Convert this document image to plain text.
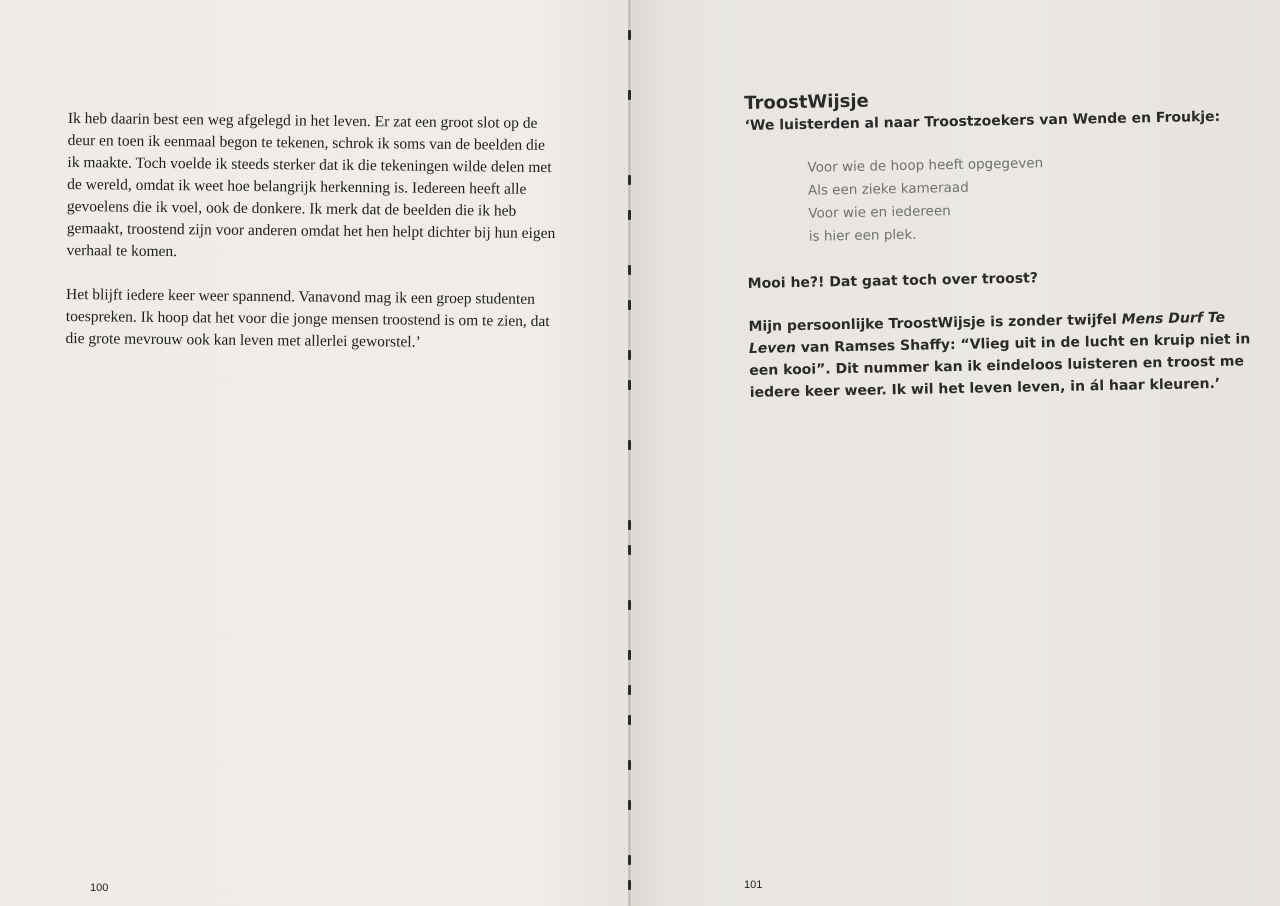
Ik heb daarin best een weg afgelegd in het leven. Er zat een groot slot op de deur en toen ik eenmaal begon te tekenen, schrok ik soms van de beelden die ik maakte. Toch voelde ik steeds sterker dat ik die tekeningen wilde delen met de wereld, omdat ik weet hoe belangrijk herkenning is. Iedereen heeft alle gevoelens die ik voel, ook de donkere. Ik merk dat de beelden die ik heb gemaakt, troostend zijn voor anderen omdat het hen helpt dichter bij hun eigen verhaal te komen.

Het blijft iedere keer weer spannend. Vanavond mag ik een groep studenten toespreken. Ik hoop dat het voor die jonge mensen troostend is om te zien, dat die grote mevrouw ook kan leven met allerlei geworstel.’

100
TroostWijsje
‘We luisterden al naar Troostzoekers van Wende en Froukje:
Voor wie de hoop heeft opgegeven
Als een zieke kameraad
Voor wie en iedereen
is hier een plek.
Mooi he?! Dat gaat toch over troost?
Mijn persoonlijke TroostWijsje is zonder twijfel Mens Durf Te Leven van Ramses Shaffy: “Vlieg uit in de lucht en kruip niet in een kooi”. Dit nummer kan ik eindeloos luisteren en troost me iedere keer weer. Ik wil het leven leven, in ál haar kleuren.’
101
